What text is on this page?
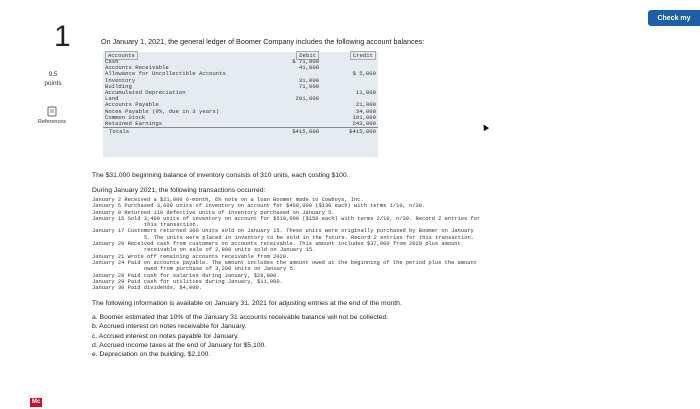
Check my
1
9.5
points
References
On January 1, 2021, the general ledger of Boomer Company includes the following account balances:
Accounts	Debit	Credit
Cash	$ 71,000	
Accounts Receivable	41,000	
Allowance for Uncollectible Accounts		$ 5,000
Inventory	31,000	
Building	71,000	
Accumulated Depreciation		11,000
Land	201,000	
Accounts Payable		21,000
Notes Payable (9%, due in 3 years)		34,000
Common Stock		101,000
Retained Earnings		243,000
Totals	$415,000	$415,000
The $31,000 beginning balance of inventory consists of 310 units, each costing $100.
During January 2021, the following transactions occurred:
January 2 Received a $21,000 6-month, 6% note on a loan Boomer made to Cowboys, Inc.
January 5 Purchased 3,600 units of inventory on account for $468,000 ($130 each) with terms 1/10, n/30.
January 8 Returned 110 defective units of inventory purchased on January 5.
January 15 Sold 3,400 units of inventory on account for $510,000 ($150 each) with terms 2/10, n/30. Record 2 entries for
this transaction.
January 17 Customers returned 300 units sold on January 15. These units were originally purchased by Boomer on January
5. The units were placed in inventory to be sold in the future. Record 2 entries for this transaction.
January 20 Received cash from customers on accounts receivable. This amount includes $37,000 from 2020 plus amount
receivable on sale of 2,800 units sold on January 15.
January 21 Wrote off remaining accounts receivable from 2020.
January 24 Paid on accounts payable. The amount includes the amount owed at the beginning of the period plus the amount
owed from purchase of 3,200 units on January 5.
January 28 Paid cash for salaries during January, $29,000.
January 29 Paid cash for utilities during January, $11,000.
January 30 Paid dividends, $4,000.
The following information is available on January 31, 2021 for adjusting entries at the end of the month.
a. Boomer estimated that 10% of the January 31 accounts receivable balance will not be collected.
b. Accrued interest on notes receivable for January.
c. Accrued interest on notes payable for January.
d. Accrued income taxes at the end of January for $5,100.
e. Depreciation on the building, $2,100.
Mc
